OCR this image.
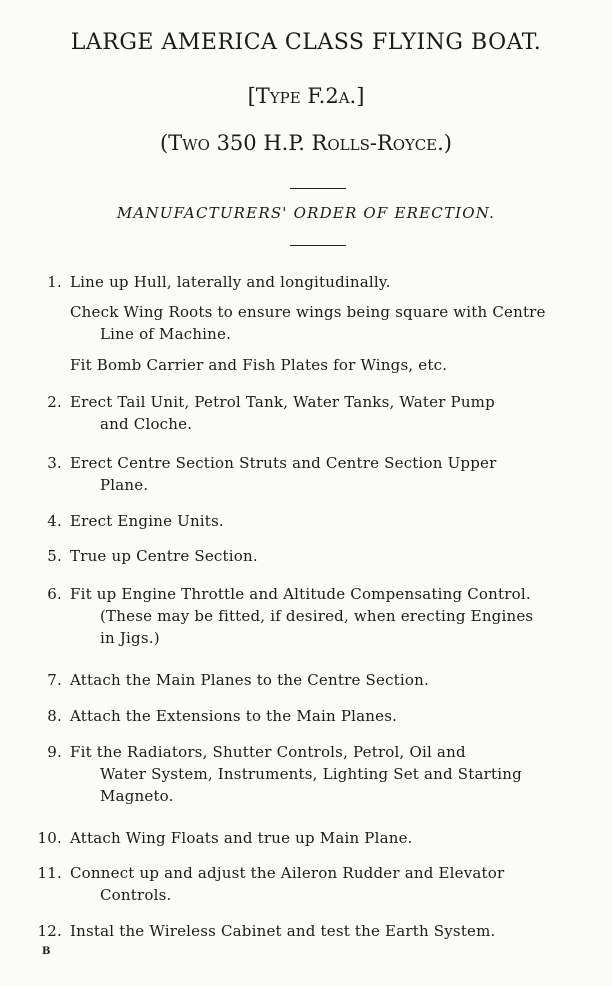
LARGE AMERICA CLASS FLYING BOAT.
[Type F.2a.]
(Two 350 H.P. Rolls-Royce.)
MANUFACTURERS' ORDER OF ERECTION.
1. Line up Hull, laterally and longitudinally.
Check Wing Roots to ensure wings being square with Centre
Line of Machine.
Fit Bomb Carrier and Fish Plates for Wings, etc.
2. Erect Tail Unit, Petrol Tank, Water Tanks, Water Pump
and Cloche.
3. Erect Centre Section Struts and Centre Section Upper
Plane.
4. Erect Engine Units.
5. True up Centre Section.
6. Fit up Engine Throttle and Altitude Compensating Control.
(These may be fitted, if desired, when erecting Engines
in Jigs.)
7. Attach the Main Planes to the Centre Section.
8. Attach the Extensions to the Main Planes.
9. Fit the Radiators, Shutter Controls, Petrol, Oil and
Water System, Instruments, Lighting Set and Starting
Magneto.
10. Attach Wing Floats and true up Main Plane.
11. Connect up and adjust the Aileron Rudder and Elevator
Controls.
12. Instal the Wireless Cabinet and test the Earth System.
B
